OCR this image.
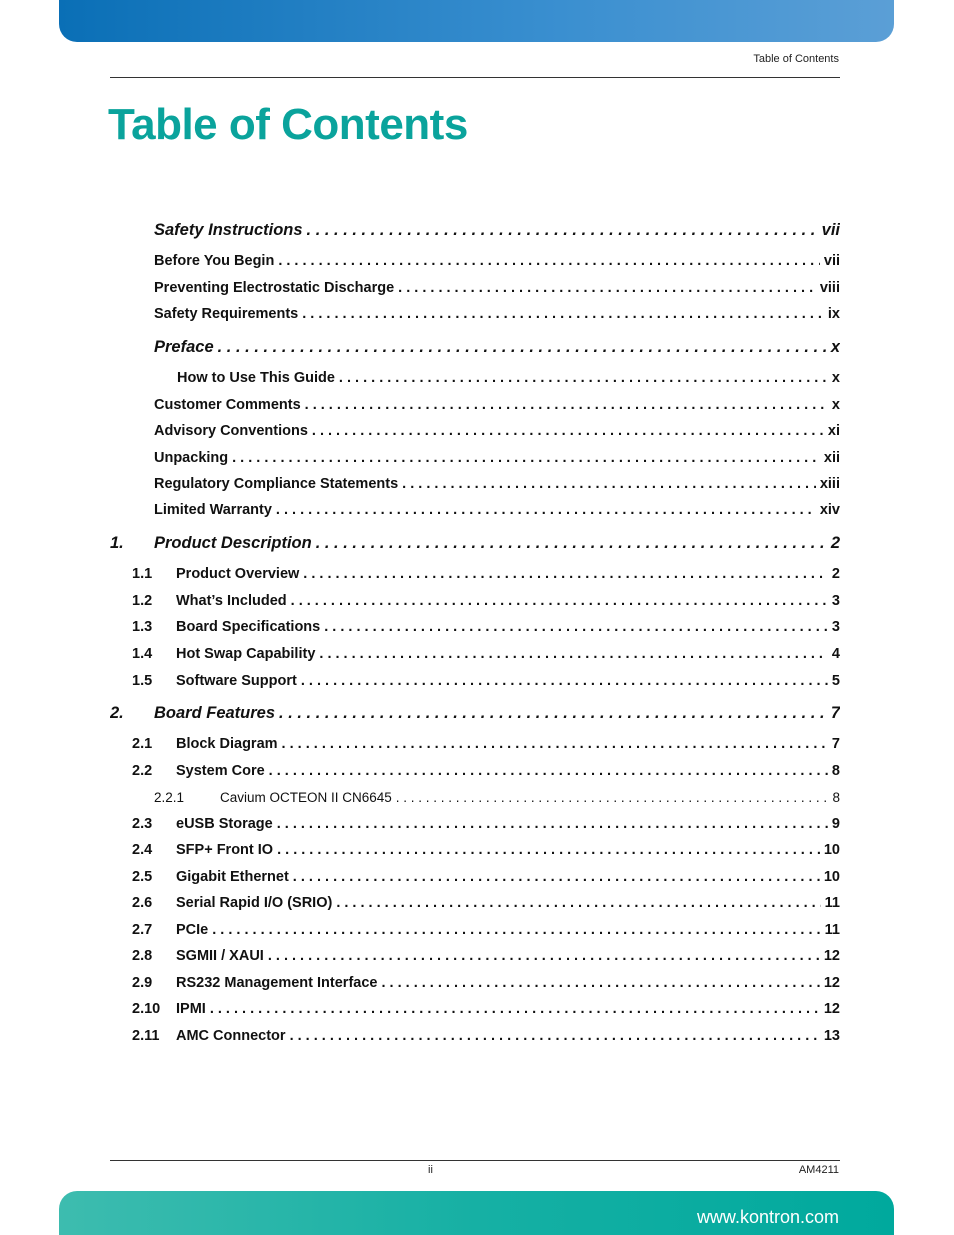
Table of Contents
Table of Contents
Safety Instructions . . .	vii
Before You Begin . . .	vii
Preventing Electrostatic Discharge . . .	viii
Safety Requirements . . .	ix
Preface . . .	x
How to Use This Guide . . .	x
Customer Comments . . .	x
Advisory Conventions . . .	xi
Unpacking . . .	xii
Regulatory Compliance Statements . . .	xiii
Limited Warranty . . .	xiv
1.	Product Description . . .	2
1.1	Product Overview . . .	2
1.2	What’s Included . . .	3
1.3	Board Specifications . . .	3
1.4	Hot Swap Capability . . .	4
1.5	Software Support . . .	5
2.	Board Features . . .	7
2.1	Block Diagram . . .	7
2.2	System Core . . .	8
2.2.1	Cavium OCTEON II CN6645 . . .	8
2.3	eUSB Storage . . .	9
2.4	SFP+ Front IO . . .	10
2.5	Gigabit Ethernet . . .	10
2.6	Serial Rapid I/O (SRIO) . . .	11
2.7	PCIe . . .	11
2.8	SGMII / XAUI . . .	12
2.9	RS232 Management Interface . . .	12
2.10	IPMI . . .	12
2.11	AMC Connector . . .	13
ii	AM4211
www.kontron.com
